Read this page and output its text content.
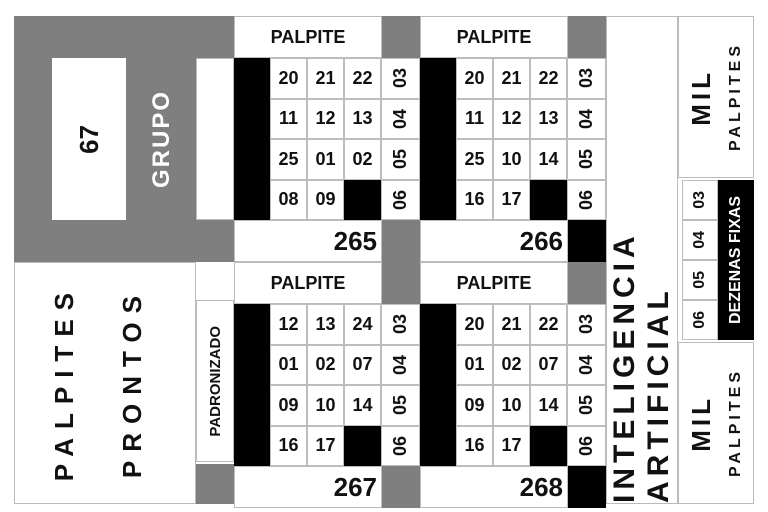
67 GRUPO
PALPITES PRONTOS	PADRONIZADO
PALPITE
20 21 22
11 12 13
25 01 02
08 09
03
04
05
06
265
PALPITE
20 21 22
11 12 13
25 10 14
16 17
03
04
05
06
266
PALPITE
12 13 24
01 02 07
09 10 14
16 17
03
04
05
06
267
PALPITE
20 21 22
01 02 07
09 10 14
16 17
03
04
05
06
268 INTELIGENCIA ARTIFICIAL
MIL PALPITES
03
04
05
06 DEZENAS FIXAS
MIL PALPITES
